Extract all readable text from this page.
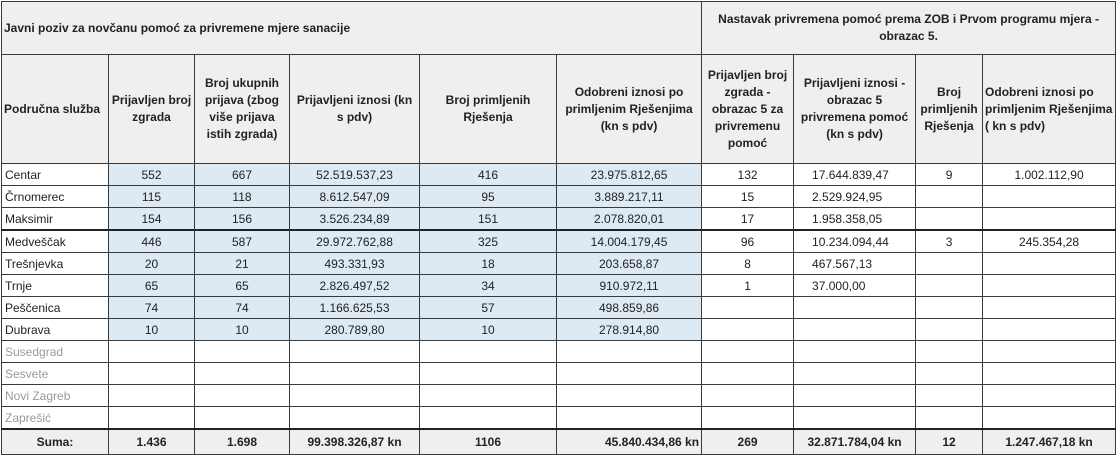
Javni poziv za novčanu pomoć za privremene mjere sanacije						Nastavak privremena pomoć prema ZOB i Prvom programu mjera - obrazac 5.			
Područna služba	Prijavljen broj zgrada	Broj ukupnih prijava (zbog više prijava istih zgrada)	Prijavljeni iznosi (kn s pdv)	Broj primljenih Rješenja	Odobreni iznosi po primljenim Rješenjima (kn s pdv)	Prijavljen broj zgrada - obrazac 5 za privremenu pomoć	Prijavljeni iznosi - obrazac 5 privremena pomoć (kn s pdv)	Broj primljenih Rješenja	Odobreni iznosi po primljenim Rješenjima ( kn s pdv)
Centar	552	667	52.519.537,23	416	23.975.812,65	132	17.644.839,47	9	1.002.112,90
Črnomerec	115	118	8.612.547,09	95	3.889.217,11	15	2.529.924,95		
Maksimir	154	156	3.526.234,89	151	2.078.820,01	17	1.958.358,05		
Medveščak	446	587	29.972.762,88	325	14.004.179,45	96	10.234.094,44	3	245.354,28
Trešnjevka	20	21	493.331,93	18	203.658,87	8	467.567,13		
Trnje	65	65	2.826.497,52	34	910.972,11	1	37.000,00		
Peščenica	74	74	1.166.625,53	57	498.859,86				
Dubrava	10	10	280.789,80	10	278.914,80				
Susedgrad									
Sesvete									
Novi Zagreb									
Zaprešić									
Suma:	1.436	1.698	99.398.326,87 kn	1106	45.840.434,86 kn	269	32.871.784,04 kn	12	1.247.467,18 kn
